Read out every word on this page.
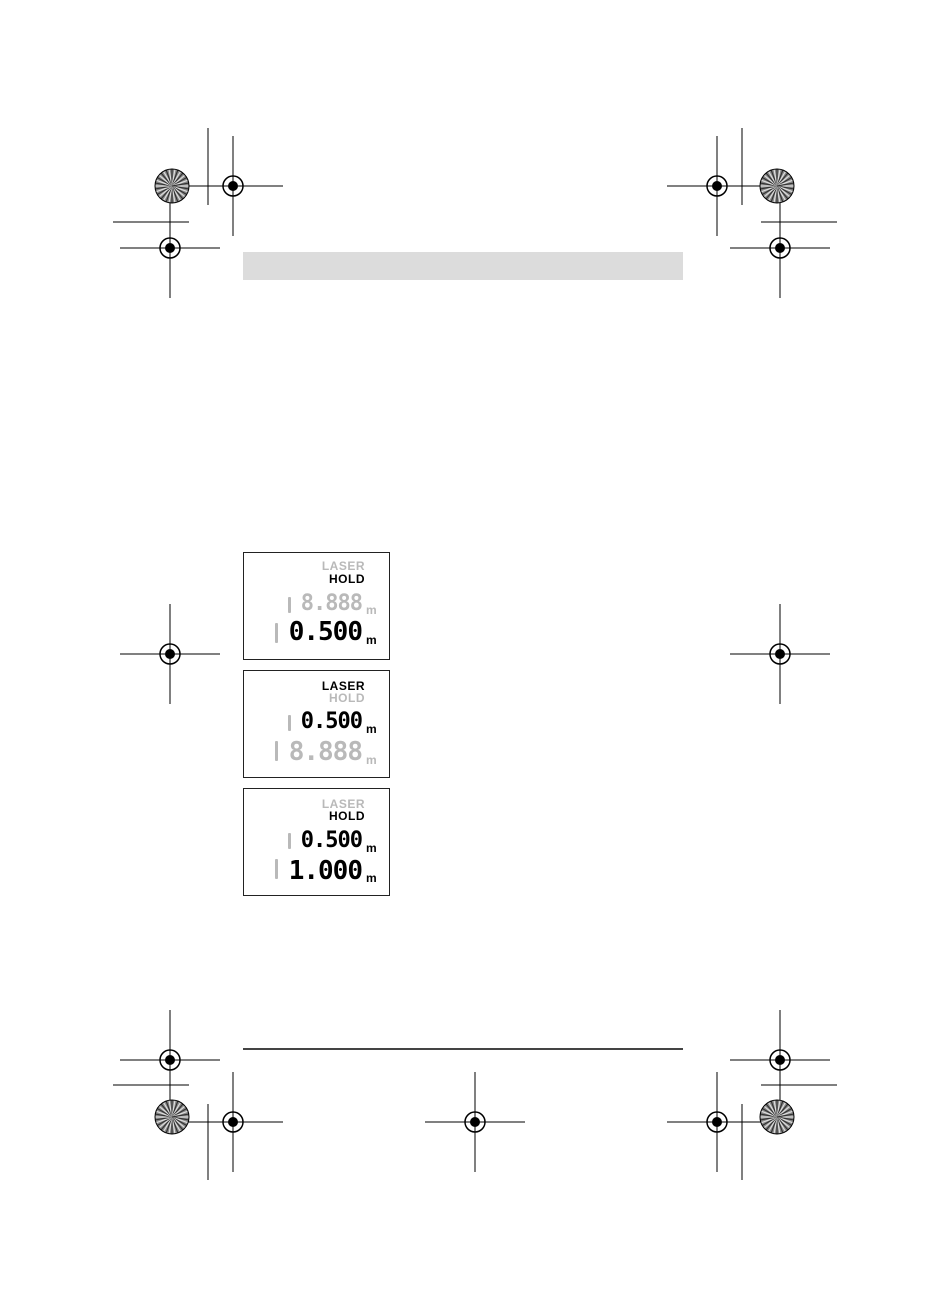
LASER
HOLD
8.888 m
0.500 m
LASER
HOLD
0.500 m
8.888 m
LASER
HOLD
0.500 m
1.000 m
